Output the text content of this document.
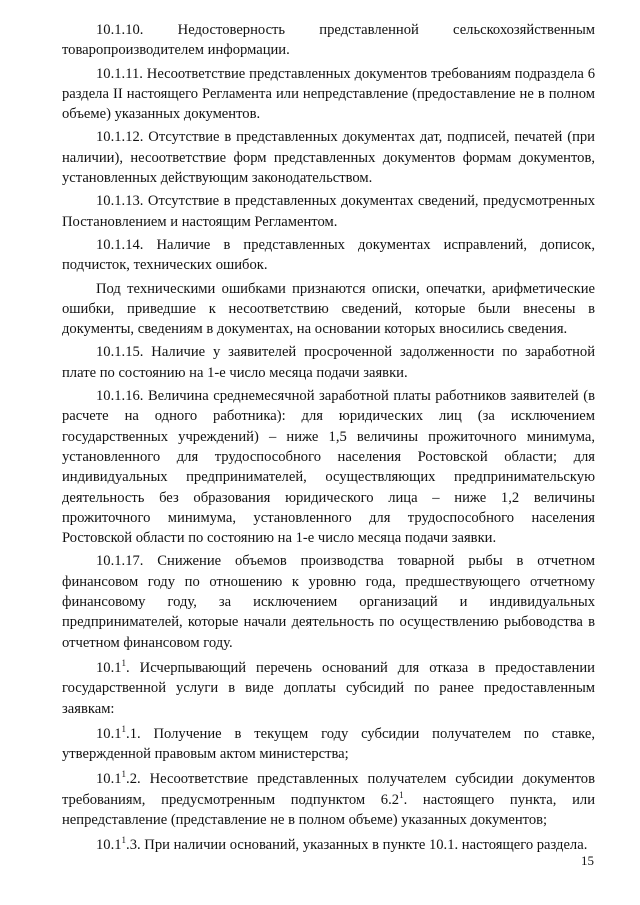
10.1.10. Недостоверность представленной сельскохозяйственным товаропроизводителем информации.

10.1.11. Несоответствие представленных документов требованиям подраздела 6 раздела II настоящего Регламента или непредставление (предоставление не в полном объеме) указанных документов.

10.1.12. Отсутствие в представленных документах дат, подписей, печатей (при наличии), несоответствие форм представленных документов формам документов, установленных действующим законодательством.

10.1.13. Отсутствие в представленных документах сведений, предусмотренных Постановлением и настоящим Регламентом.

10.1.14. Наличие в представленных документах исправлений, дописок, подчисток, технических ошибок.

Под техническими ошибками признаются описки, опечатки, арифметические ошибки, приведшие к несоответствию сведений, которые были внесены в документы, сведениям в документах, на основании которых вносились сведения.

10.1.15. Наличие у заявителей просроченной задолженности по заработной плате по состоянию на 1-е число месяца подачи заявки.

10.1.16. Величина среднемесячной заработной платы работников заявителей (в расчете на одного работника): для юридических лиц (за исключением государственных учреждений) – ниже 1,5 величины прожиточного минимума, установленного для трудоспособного населения Ростовской области; для индивидуальных предпринимателей, осуществляющих предпринимательскую деятельность без образования юридического лица – ниже 1,2 величины прожиточного минимума, установленного для трудоспособного населения Ростовской области по состоянию на 1-е число месяца подачи заявки.

10.1.17. Снижение объемов производства товарной рыбы в отчетном финансовом году по отношению к уровню года, предшествующего отчетному финансовому году, за исключением организаций и индивидуальных предпринимателей, которые начали деятельность по осуществлению рыбоводства в отчетном финансовом году.

10.1$^1$. Исчерпывающий перечень оснований для отказа в предоставлении государственной услуги в виде доплаты субсидий по ранее предоставленным заявкам:

10.1$^1$.1. Получение в текущем году субсидии получателем по ставке, утвержденной правовым актом министерства;

10.1$^1$.2. Несоответствие представленных получателем субсидии документов требованиям, предусмотренным подпунктом $6.2^1$. настоящего пункта, или непредставление (представление не в полном объеме) указанных документов;

10.1$^1$.3. При наличии оснований, указанных в пункте 10.1. настоящего раздела.

15
